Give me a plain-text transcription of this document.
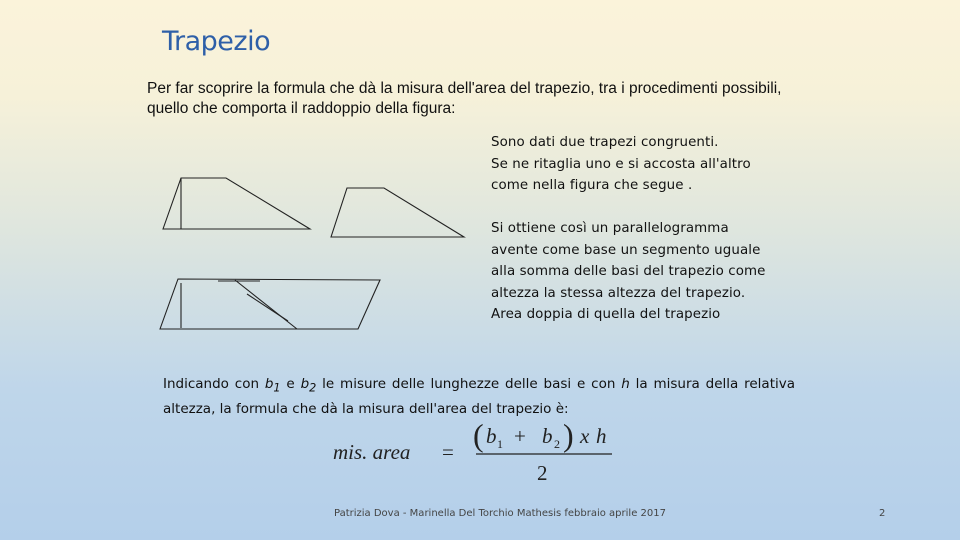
Trapezio
Per far scoprire la formula che dà la misura dell'area del trapezio, tra i procedimenti possibili, quello che comporta il raddoppio della figura:
Sono dati due trapezi congruenti.
Se ne ritaglia uno e si accosta all'altro
come nella figura che segue .
Si ottiene così un parallelogramma
avente come base un segmento uguale
alla somma delle basi del trapezio come
altezza la stessa altezza del trapezio.
Area doppia di quella del trapezio
Indicando con $b_1$ e $b_2$ le misure delle lunghezze delle basi e con h la misura della relativa altezza, la formula che dà la misura dell'area del trapezio è:
mis. area = ( b 1 + b 2 ) x h
2
Patrizia Dova - Marinella Del Torchio Mathesis febbraio aprile 2017	2
